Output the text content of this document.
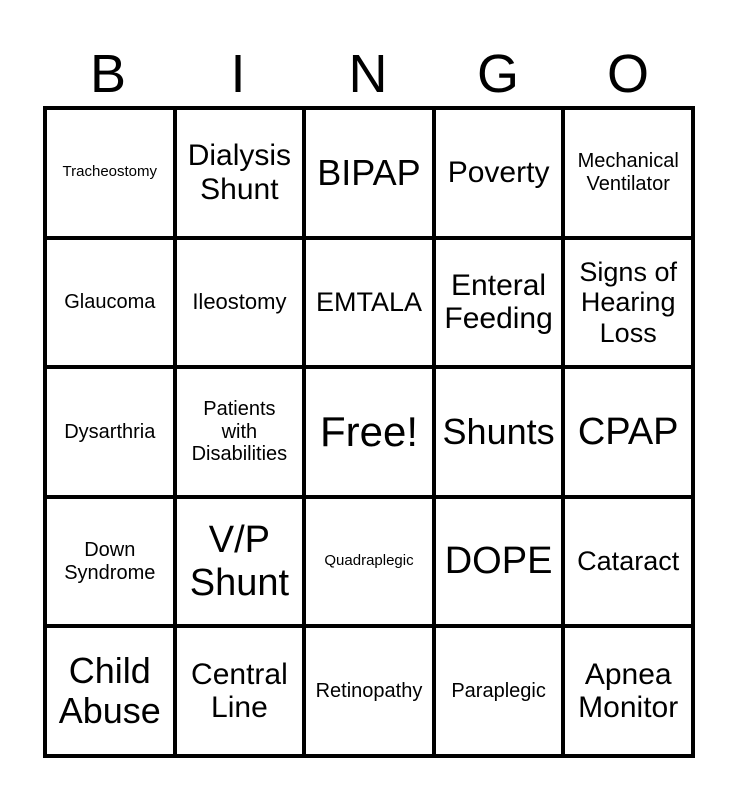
B	I	N	G	O
Tracheostomy Dialysis
Shunt	BIPAP Poverty Mechanical
Ventilator
Glaucoma Ileostomy EMTALA
Enteral
Feeding
Signs of
Hearing
Loss
Dysarthria
Patients
with
Disabilities Free! Shunts CPAP
Down
Syndrome
V/P
Shunt
Quadraplegic DOPE Cataract
Child
Abuse
Central
Line
Retinopathy Paraplegic
Apnea
Monitor
